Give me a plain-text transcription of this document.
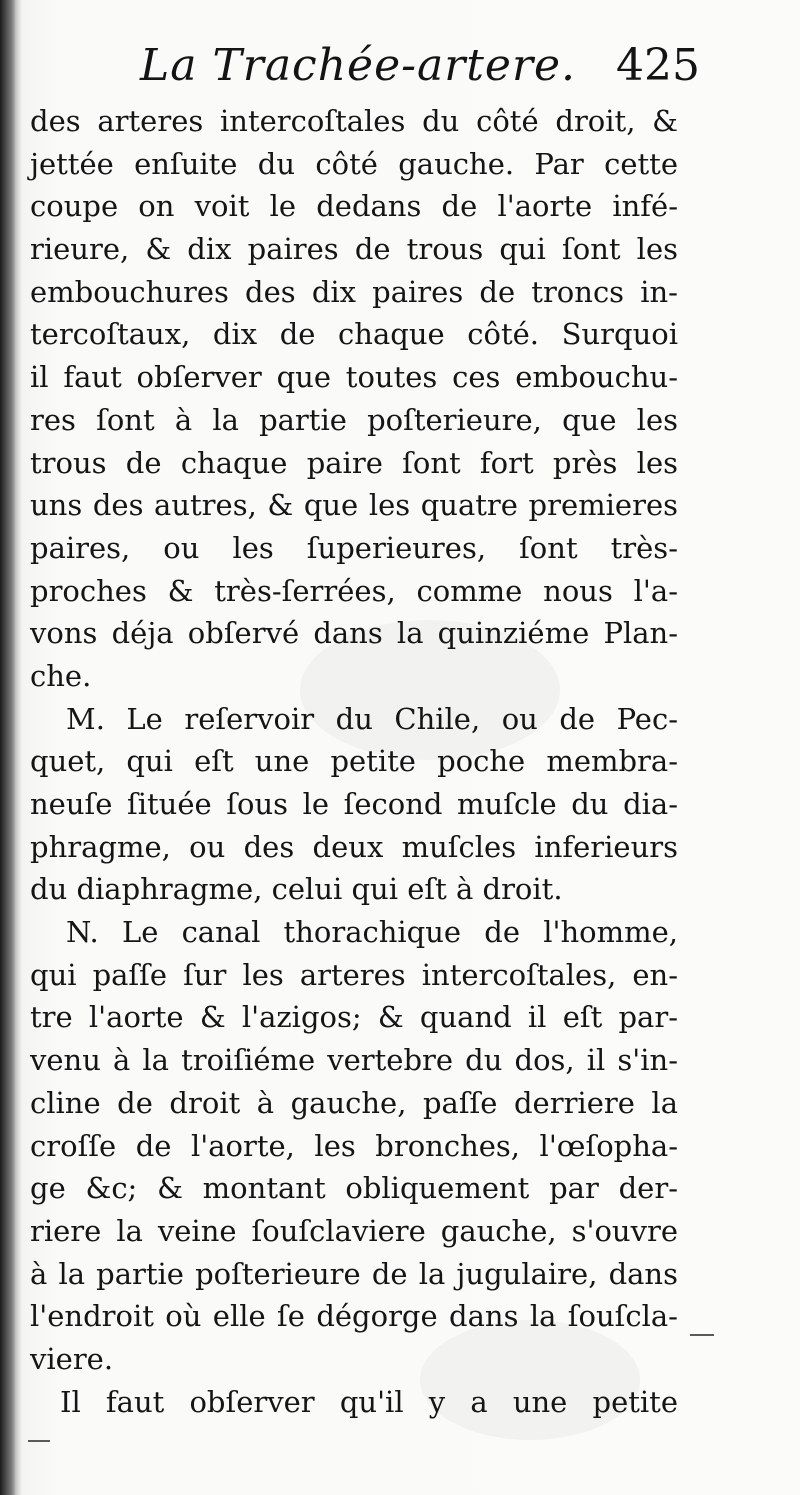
La Trachée-artere. 425
des arteres intercoſtales du côté droit, &
jettée enſuite du côté gauche. Par cette
coupe on voit le dedans de l'aorte infé-
rieure, & dix paires de trous qui ſont les
embouchures des dix paires de troncs in-
tercoſtaux, dix de chaque côté. Surquoi
il faut obſerver que toutes ces embouchu-
res ſont à la partie poſterieure, que les
trous de chaque paire ſont fort près les
uns des autres, & que les quatre premieres
paires, ou les ſuperieures, ſont très-
proches & très-ſerrées, comme nous l'a-
vons déja obſervé dans la quinziéme Plan-
che.
M. Le reſervoir du Chile, ou de Pec-
quet, qui eſt une petite poche membra-
neuſe ſituée ſous le ſecond muſcle du dia-
phragme, ou des deux muſcles inferieurs
du diaphragme, celui qui eſt à droit.
N. Le canal thorachique de l'homme,
qui paſſe ſur les arteres intercoſtales, en-
tre l'aorte & l'azigos; & quand il eſt par-
venu à la troiſiéme vertebre du dos, il s'in-
cline de droit à gauche, paſſe derriere la
croſſe de l'aorte, les bronches, l'œſopha-
ge &c; & montant obliquement par der-
riere la veine ſouſclaviere gauche, s'ouvre
à la partie poſterieure de la jugulaire, dans
l'endroit où elle ſe dégorge dans la ſouſcla-
viere.
Il faut obſerver qu'il y a une petite
